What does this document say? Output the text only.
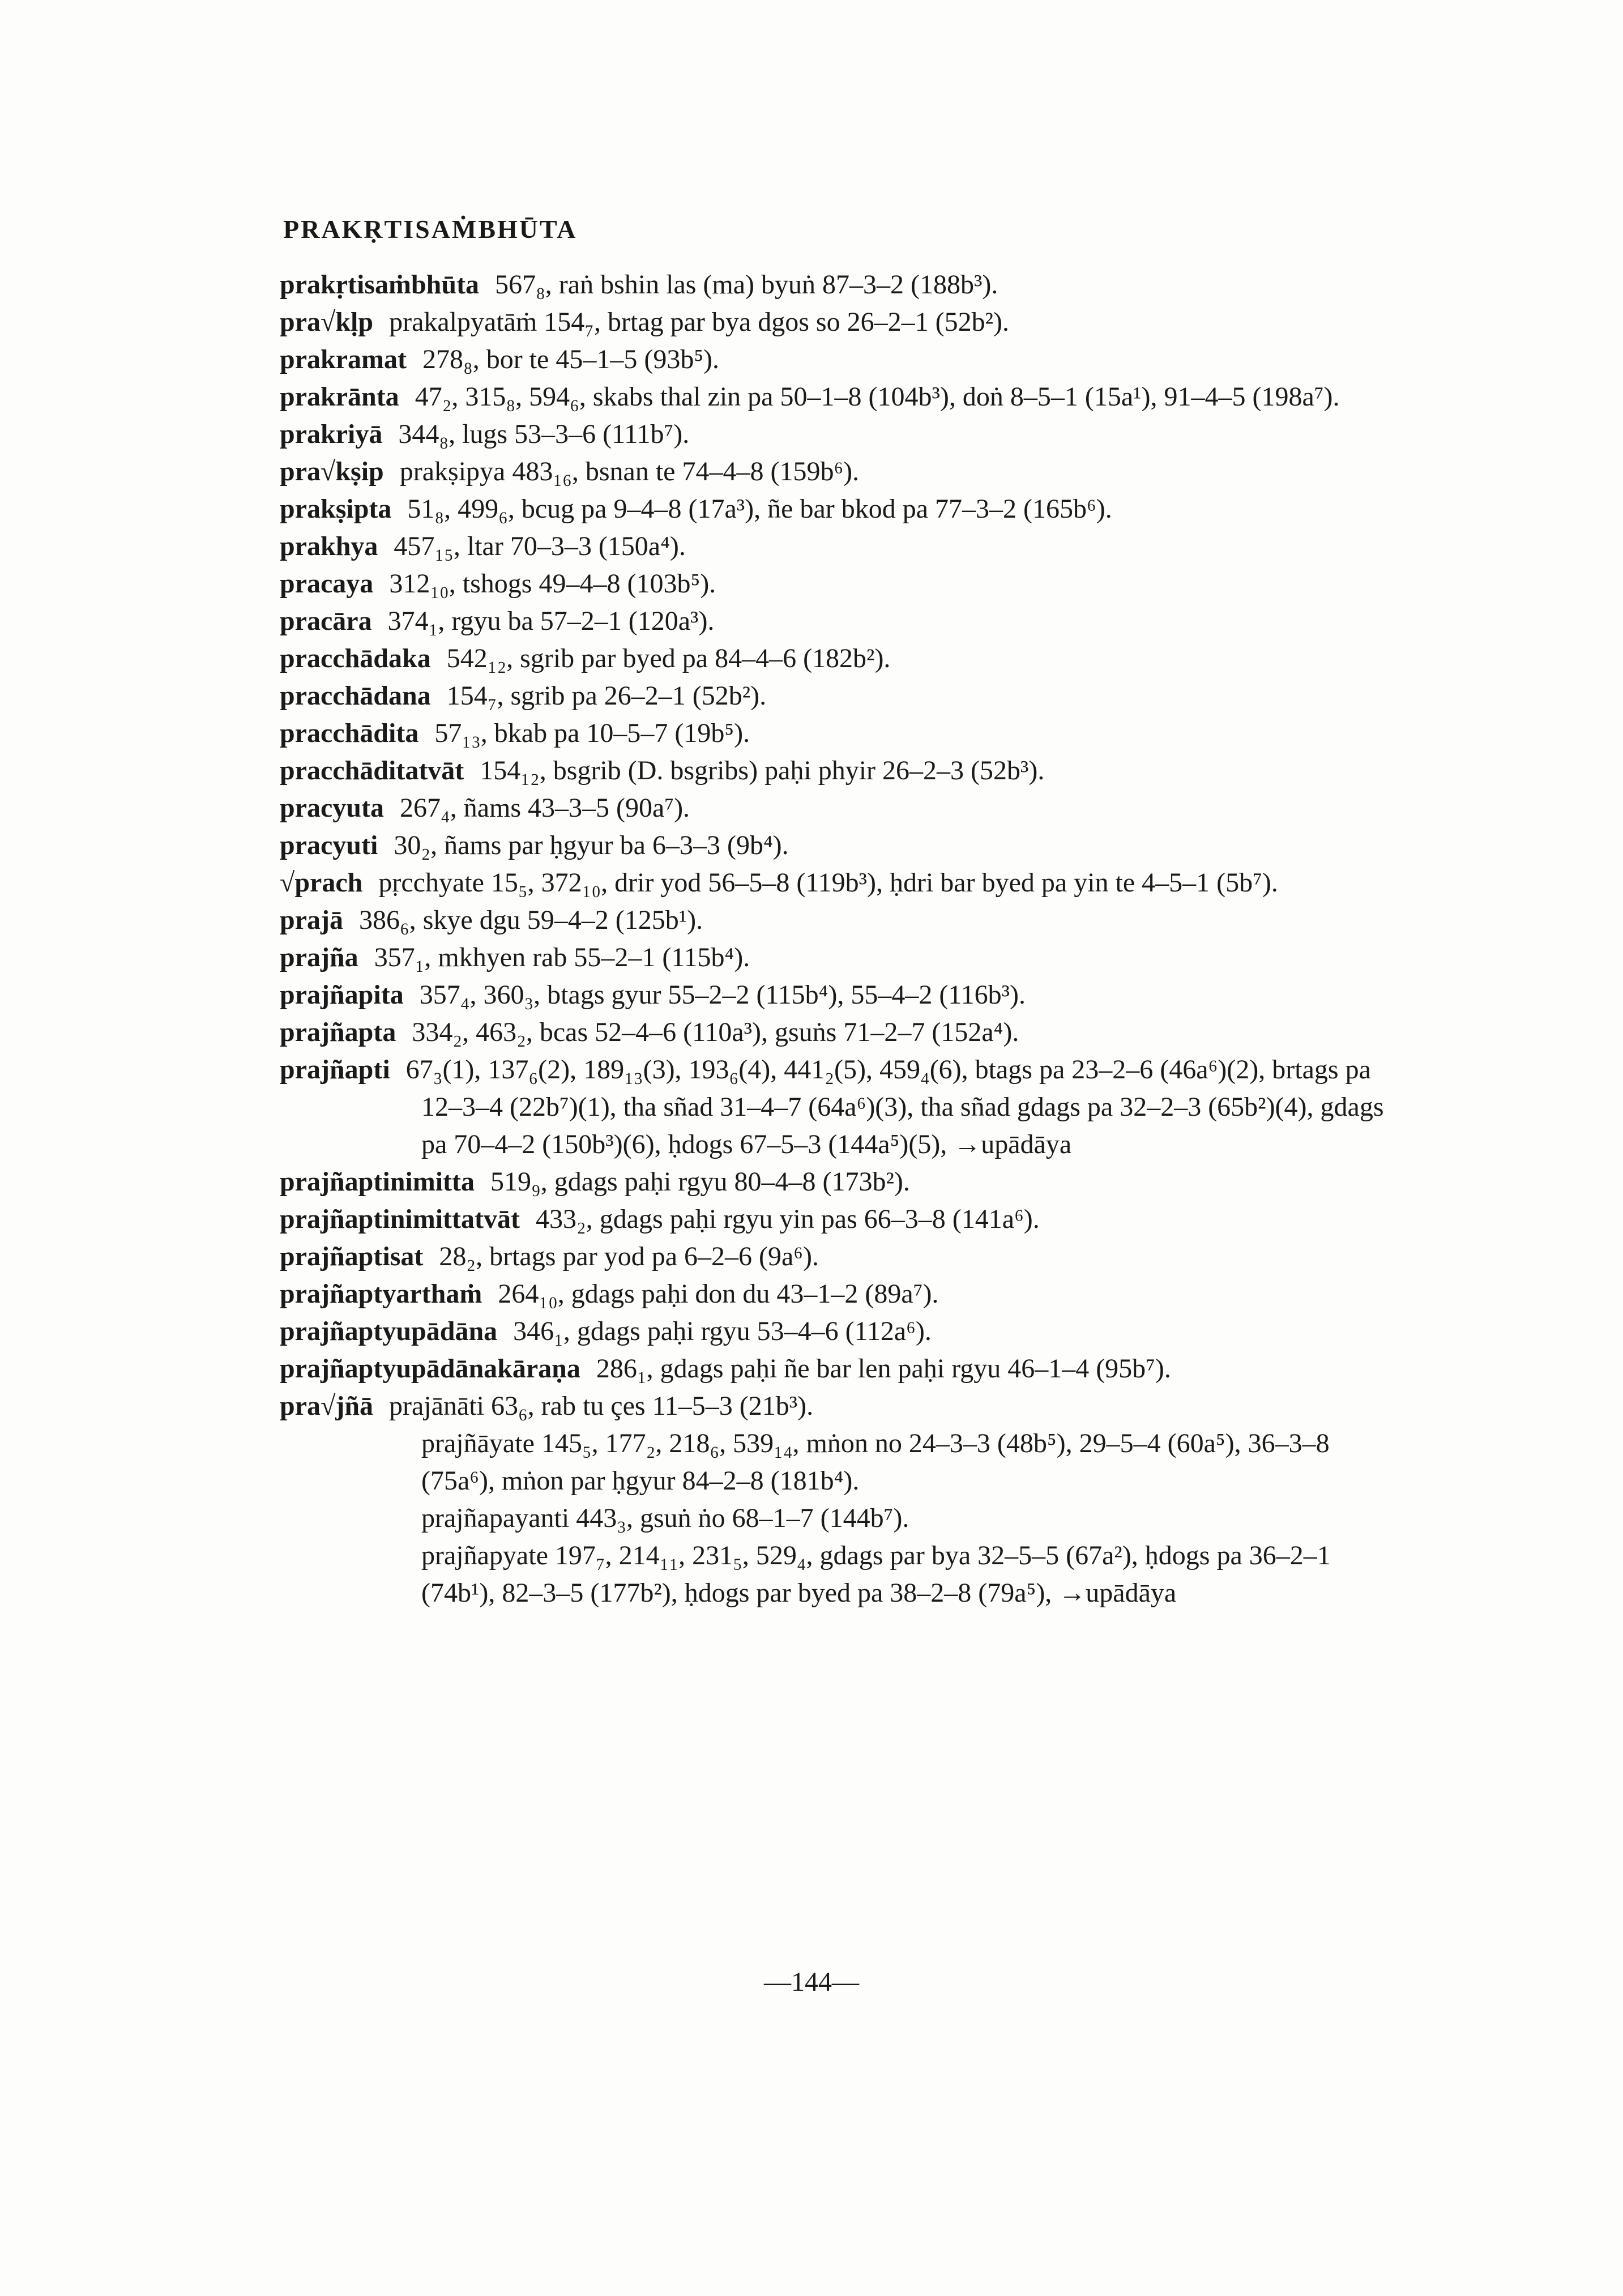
PRAKṚTISAṀBHŪTA
prakṛtisaṁbhūta 567₈, raṅ bshin las (ma) byuṅ 87–3–2 (188b³).
pra√kḷp prakalpyatāṁ 154₇, brtag par bya dgos so 26–2–1 (52b²).
prakramat 278₈, bor te 45–1–5 (93b⁵).
prakrānta 47₂, 315₈, 594₆, skabs thal zin pa 50–1–8 (104b³), doṅ 8–5–1 (15a¹), 91–4–5 (198a⁷).
prakriyā 344₈, lugs 53–3–6 (111b⁷).
pra√kṣip prakṣipya 483₁₆, bsnan te 74–4–8 (159b⁶).
prakṣipta 51₈, 499₆, bcug pa 9–4–8 (17a³), ñe bar bkod pa 77–3–2 (165b⁶).
prakhya 457₁₅, ltar 70–3–3 (150a⁴).
pracaya 312₁₀, tshogs 49–4–8 (103b⁵).
pracāra 374₁, rgyu ba 57–2–1 (120a³).
pracchādaka 542₁₂, sgrib par byed pa 84–4–6 (182b²).
pracchādana 154₇, sgrib pa 26–2–1 (52b²).
pracchādita 57₁₃, bkab pa 10–5–7 (19b⁵).
pracchāditatvāt 154₁₂, bsgrib (D. bsgribs) paḥi phyir 26–2–3 (52b³).
pracyuta 267₄, ñams 43–3–5 (90a⁷).
pracyuti 30₂, ñams par ḥgyur ba 6–3–3 (9b⁴).
√prach pṛcchyate 15₅, 372₁₀, drir yod 56–5–8 (119b³), ḥdri bar byed pa yin te 4–5–1 (5b⁷).
prajā 386₆, skye dgu 59–4–2 (125b¹).
prajña 357₁, mkhyen rab 55–2–1 (115b⁴).
prajñapita 357₄, 360₃, btags gyur 55–2–2 (115b⁴), 55–4–2 (116b³).
prajñapta 334₂, 463₂, bcas 52–4–6 (110a³), gsuṅs 71–2–7 (152a⁴).
prajñapti 67₃(1), 137₆(2), 189₁₃(3), 193₆(4), 441₂(5), 459₄(6), btags pa 23–2–6 (46a⁶)(2), brtags pa 12–3–4 (22b⁷)(1), tha sñad 31–4–7 (64a⁶)(3), tha sñad gdags pa 32–2–3 (65b²)(4), gdags pa 70–4–2 (150b³)(6), ḥdogs 67–5–3 (144a⁵)(5), →upādāya
prajñaptinimitta 519₉, gdags paḥi rgyu 80–4–8 (173b²).
prajñaptinimittatvāt 433₂, gdags paḥi rgyu yin pas 66–3–8 (141a⁶).
prajñaptisat 28₂, brtags par yod pa 6–2–6 (9a⁶).
prajñaptyarthaṁ 264₁₀, gdags paḥi don du 43–1–2 (89a⁷).
prajñaptyupādāna 346₁, gdags paḥi rgyu 53–4–6 (112a⁶).
prajñaptyupādānakāraṇa 286₁, gdags paḥi ñe bar len paḥi rgyu 46–1–4 (95b⁷).
pra√jñā prajānāti 63₆, rab tu çes 11–5–3 (21b³).
prajñāyate 145₅, 177₂, 218₆, 539₁₄, mṅon no 24–3–3 (48b⁵), 29–5–4 (60a⁵), 36–3–8 (75a⁶), mṅon par ḥgyur 84–2–8 (181b⁴).
prajñapayanti 443₃, gsuṅ ṅo 68–1–7 (144b⁷).
prajñapyate 197₇, 214₁₁, 231₅, 529₄, gdags par bya 32–5–5 (67a²), ḥdogs pa 36–2–1 (74b¹), 82–3–5 (177b²), ḥdogs par byed pa 38–2–8 (79a⁵), →upādāya
—144—
